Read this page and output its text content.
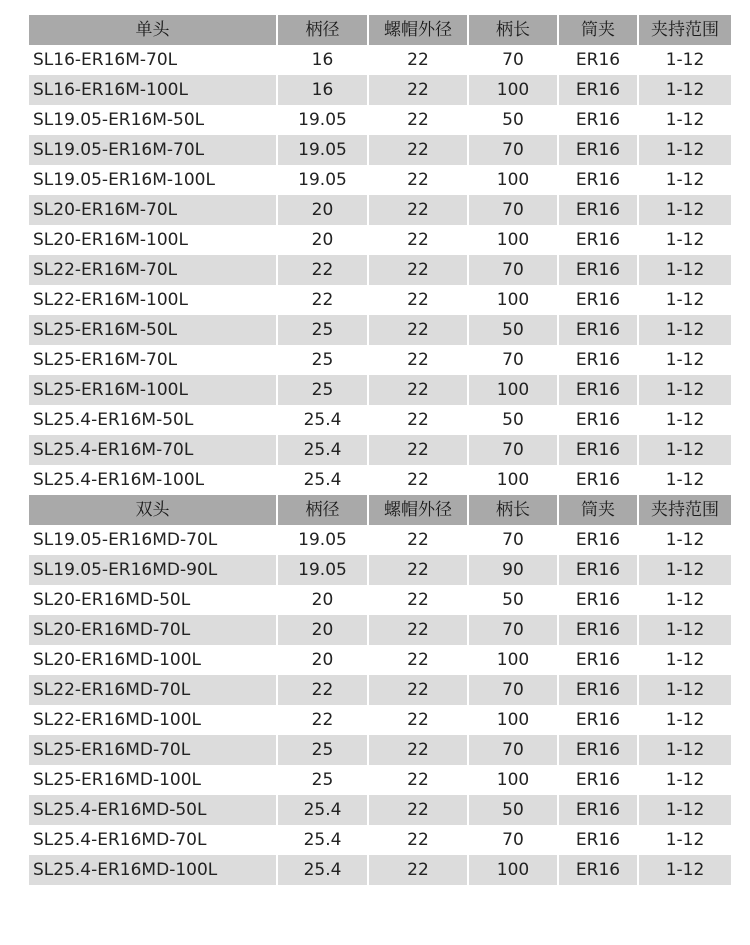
单头	柄径	螺帽外径	柄长	筒夹	夹持范围
SL16-ER16M-70L	16	22	70	ER16	1-12
SL16-ER16M-100L	16	22	100	ER16	1-12
SL19.05-ER16M-50L	19.05	22	50	ER16	1-12
SL19.05-ER16M-70L	19.05	22	70	ER16	1-12
SL19.05-ER16M-100L	19.05	22	100	ER16	1-12
SL20-ER16M-70L	20	22	70	ER16	1-12
SL20-ER16M-100L	20	22	100	ER16	1-12
SL22-ER16M-70L	22	22	70	ER16	1-12
SL22-ER16M-100L	22	22	100	ER16	1-12
SL25-ER16M-50L	25	22	50	ER16	1-12
SL25-ER16M-70L	25	22	70	ER16	1-12
SL25-ER16M-100L	25	22	100	ER16	1-12
SL25.4-ER16M-50L	25.4	22	50	ER16	1-12
SL25.4-ER16M-70L	25.4	22	70	ER16	1-12
SL25.4-ER16M-100L	25.4	22	100	ER16	1-12
双头	柄径	螺帽外径	柄长	筒夹	夹持范围
SL19.05-ER16MD-70L	19.05	22	70	ER16	1-12
SL19.05-ER16MD-90L	19.05	22	90	ER16	1-12
SL20-ER16MD-50L	20	22	50	ER16	1-12
SL20-ER16MD-70L	20	22	70	ER16	1-12
SL20-ER16MD-100L	20	22	100	ER16	1-12
SL22-ER16MD-70L	22	22	70	ER16	1-12
SL22-ER16MD-100L	22	22	100	ER16	1-12
SL25-ER16MD-70L	25	22	70	ER16	1-12
SL25-ER16MD-100L	25	22	100	ER16	1-12
SL25.4-ER16MD-50L	25.4	22	50	ER16	1-12
SL25.4-ER16MD-70L	25.4	22	70	ER16	1-12
SL25.4-ER16MD-100L	25.4	22	100	ER16	1-12
